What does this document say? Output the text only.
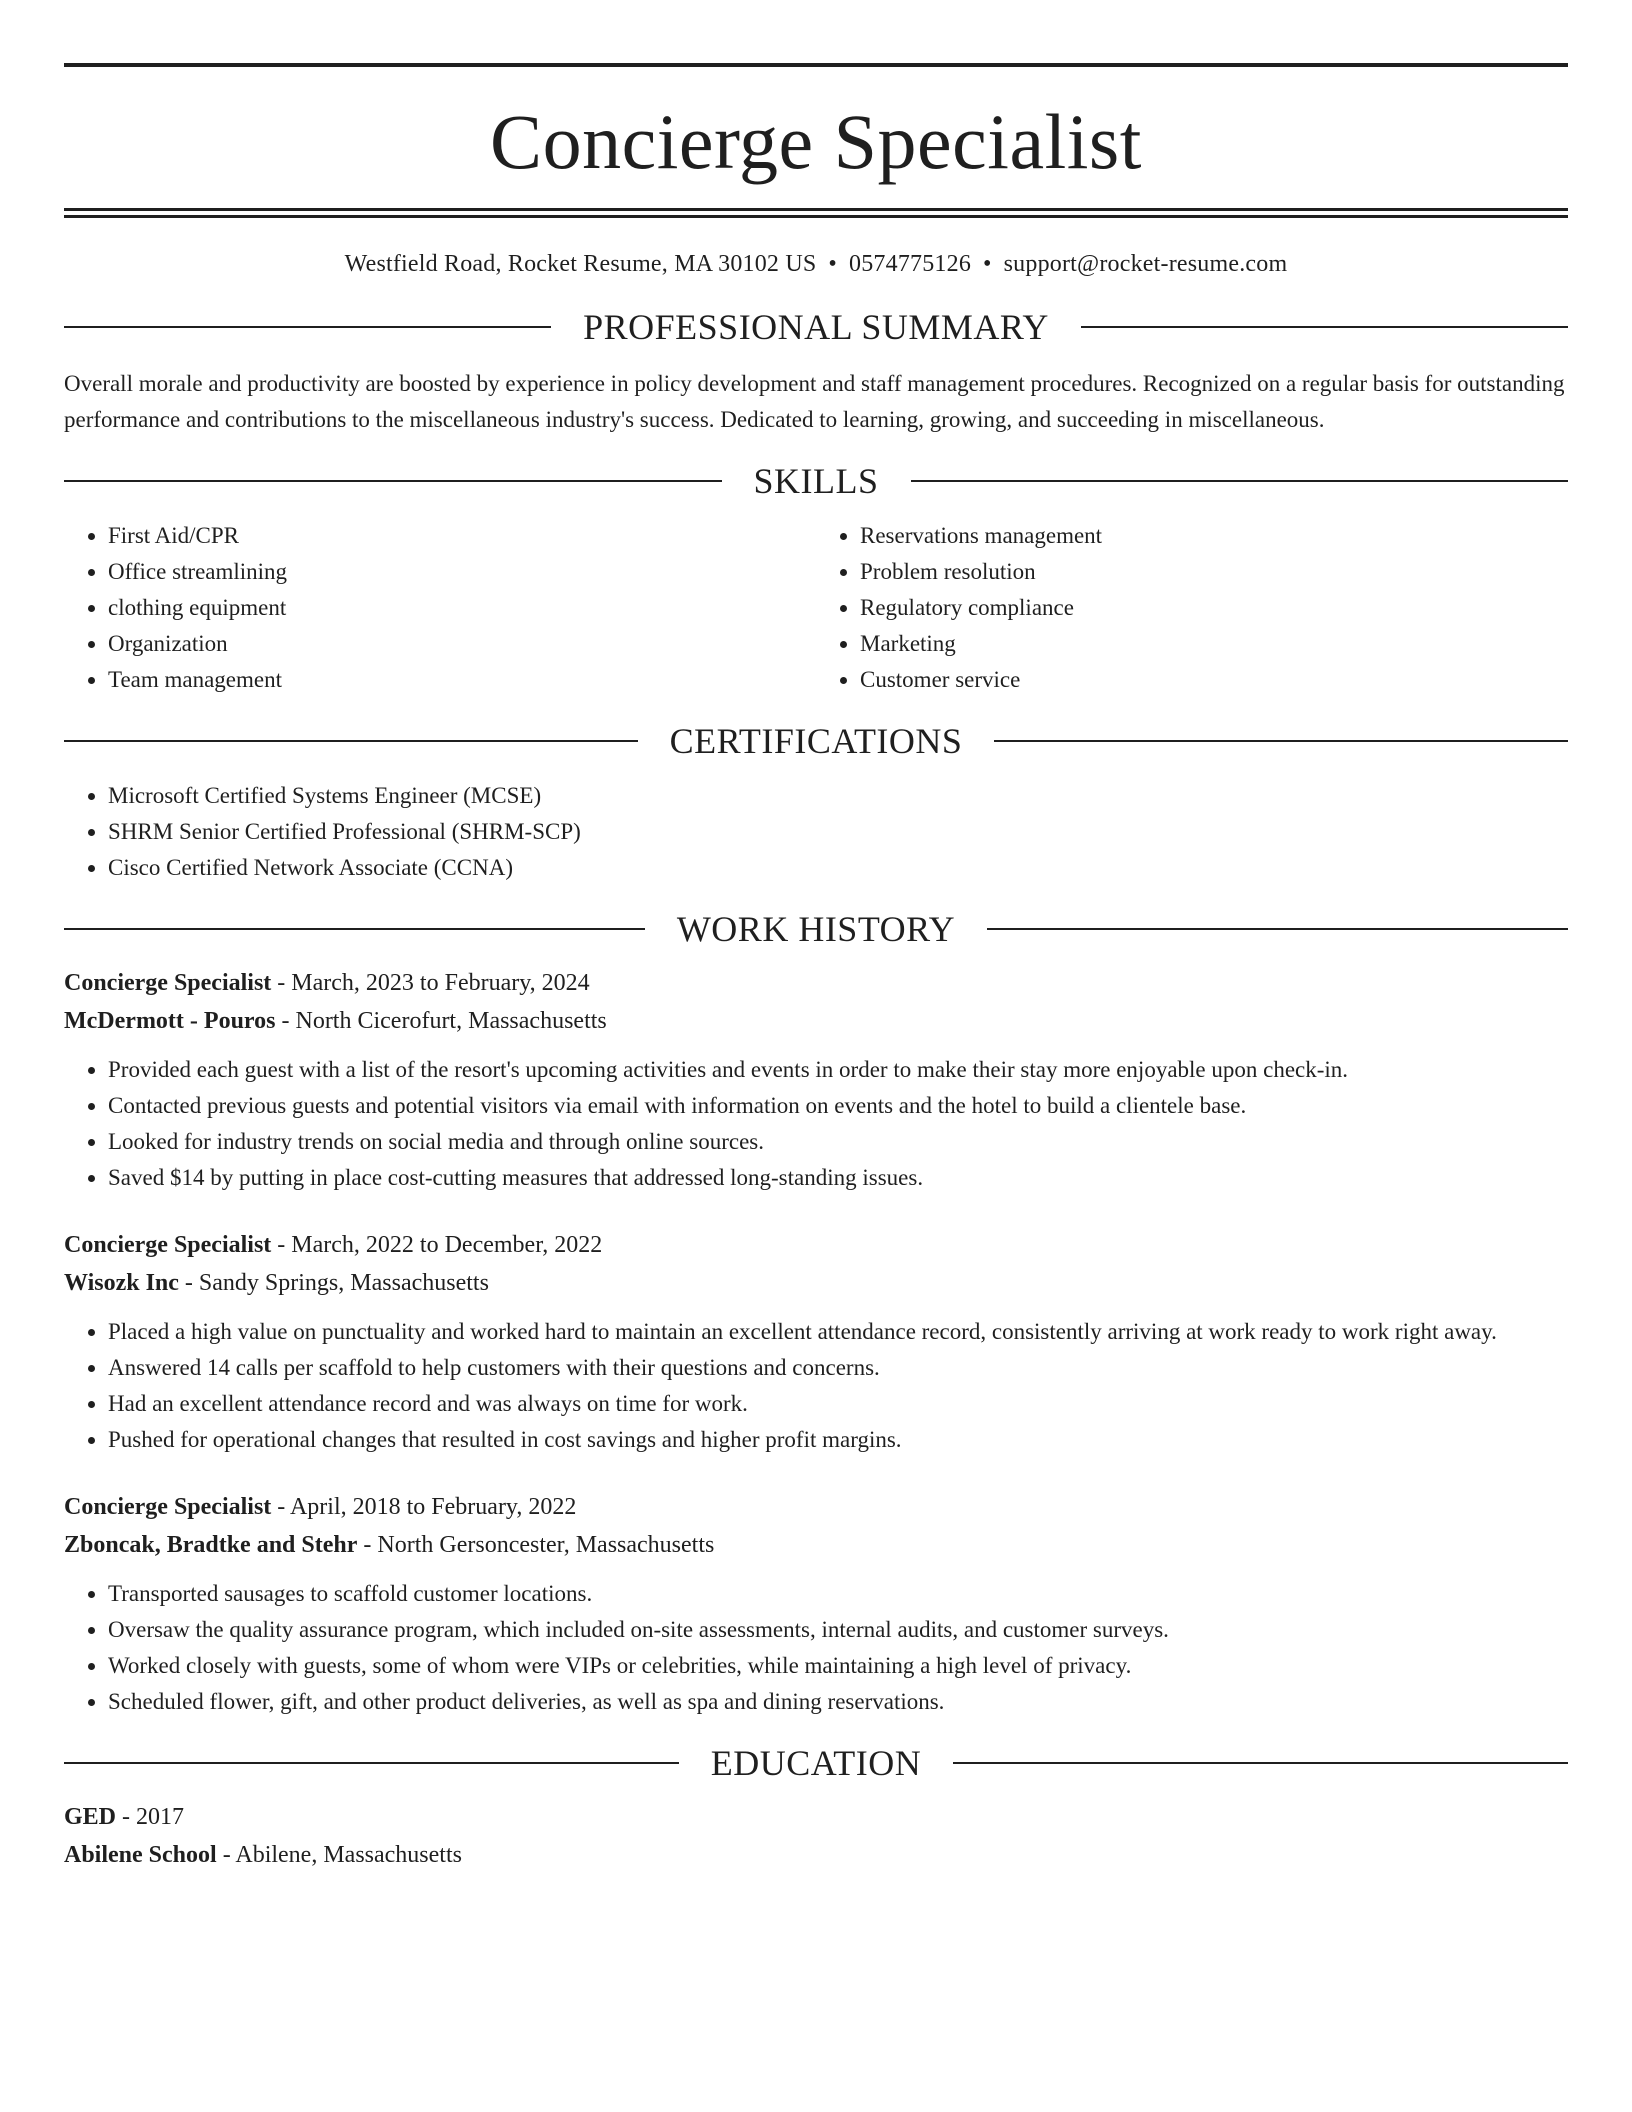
Concierge Specialist
Westfield Road, Rocket Resume, MA 30102 US • 0574775126 • support@rocket-resume.com
PROFESSIONAL SUMMARY
Overall morale and productivity are boosted by experience in policy development and staff management procedures. Recognized on a regular basis for outstanding performance and contributions to the miscellaneous industry's success. Dedicated to learning, growing, and succeeding in miscellaneous.
SKILLS
• First Aid/CPR
• Office streamlining
• clothing equipment
• Organization
• Team management
• Reservations management
• Problem resolution
• Regulatory compliance
• Marketing
• Customer service
CERTIFICATIONS
• Microsoft Certified Systems Engineer (MCSE)
• SHRM Senior Certified Professional (SHRM-SCP)
• Cisco Certified Network Associate (CCNA)
WORK HISTORY
Concierge Specialist - March, 2023 to February, 2024
McDermott - Pouros - North Cicerofurt, Massachusetts
• Provided each guest with a list of the resort's upcoming activities and events in order to make their stay more enjoyable upon check-in.
• Contacted previous guests and potential visitors via email with information on events and the hotel to build a clientele base.
• Looked for industry trends on social media and through online sources.
• Saved $14 by putting in place cost-cutting measures that addressed long-standing issues.
Concierge Specialist - March, 2022 to December, 2022
Wisozk Inc - Sandy Springs, Massachusetts
• Placed a high value on punctuality and worked hard to maintain an excellent attendance record, consistently arriving at work ready to work right away.
• Answered 14 calls per scaffold to help customers with their questions and concerns.
• Had an excellent attendance record and was always on time for work.
• Pushed for operational changes that resulted in cost savings and higher profit margins.
Concierge Specialist - April, 2018 to February, 2022
Zboncak, Bradtke and Stehr - North Gersoncester, Massachusetts
• Transported sausages to scaffold customer locations.
• Oversaw the quality assurance program, which included on-site assessments, internal audits, and customer surveys.
• Worked closely with guests, some of whom were VIPs or celebrities, while maintaining a high level of privacy.
• Scheduled flower, gift, and other product deliveries, as well as spa and dining reservations.
EDUCATION
GED - 2017
Abilene School - Abilene, Massachusetts
